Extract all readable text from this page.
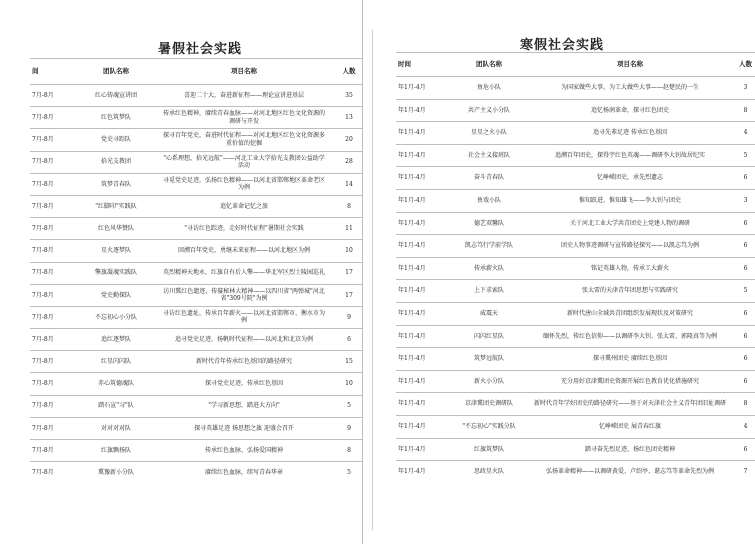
暑假社会实践
间	团队名称	项目名称	人数
7月-8月	红心铸魂宣讲团	喜迎二十大，奋进新征程——理论宣讲进基层	35
7月-8月	红色筑梦队	传承红色精神，赓续青春血脉——对河北地区红色文化资源的调研与开发	13
7月-8月	党史寻踪队	探寻百年党史，奋进时代征程——对河北地区红色文化资源多重价值的挖掘	20
7月-8月	拾光支教团	"心系理想，拾光远航"——河北工业大学拾光支教团公益助学活动	28
7月-8月	筑梦青春队	寻觅党史足迹，弘扬红色精神——以河北省邯郸地区革命老区为例	14
7月-8月	"红脚印"实践队	追忆革命记忆之旅	8
7月-8月	红色风华赞队	"寻访红色踪迹，走好时代征程"暑期社会实践	11
7月-8月	星火逐梦队	回溯百年党史，勇继未来征程——以河北地区为例	10
7月-8月	擎旗凝魂实践队	英烈精神天地永，红旗自有后人擎——华北军区烈士陵园巡礼	17
7月-8月	党史勤探队	访川冀红色遗迹，传璇秘林大精神——以四川省"两弹城"河北省"309号院"为例	17
7月-8月	不忘初心小分队	寻访红色遗址，传承百年薪火——以河北省邯郸市、衡水市为例	9
7月-8月	追红逐梦队	追寻党史足迹，扬帆时代征程——以河北和北京为例	6
7月-8月	红星闪闪队	新时代青年传承红色基因的路径研究	15
7月-8月	赤心筑德魂队	探寻党史足迹，传承红色基因	10
7月-8月	踏石宣"习"队	"学习新思想，踏进大方向"	5
7月-8月	对对对对队	探寻英雄足迹 扬思想之旗 迎盛会召开	9
7月-8月	红旗飘扬队	传承红色血脉，弘扬爱国精神	8
7月-8月	冀豫新小分队	赓续红色血脉，续写青春华章	5
寒假社会实践
时间	团队名称	项目名称	人数
年1月-4月	鱼危小队	为国家做些大事，为工大做些大事——赵楚民的一生	3
年1月-4月	共产主义小分队	追忆杨润革命，探寻红色团史	8
年1月-4月	星星之火小队	追寻先辈足迹 传承红色基因	4
年1月-4月	社会主义接班队	追溯百年团史，探得宇红色英魂——调研李大钊故居纪实	5
年1月-4月	奋斗青春队	忆峥嵘团史，承先烈遗志	6
年1月-4月	鱼戏小队	惟知跃进，惟知雄飞——李大钊与团史	3
年1月-4月	德艺双馨队	关于河北工业大学共青团史上党建人物的调研	6
年1月-4月	凯志笃行学前学队	团史人物事迹调研与宣传路径探究——以凯志笃为例	6
年1月-4月	传承薪火队	铭记英雄人物，传承工大薪火	6
年1月-4月	上下求索队	张太雷的天津青年团思想与实践研究	5
年1月-4月	威震天	新时代唐山全域共青团组织发展现状及对策研究	6
年1月-4月	闪闪红星队	缅怀先烈，传红色信仰——以调研李大钊、张太雷、郭隆真等为例	6
年1月-4月	筑梦远航队	探寻冀州团史 赓续红色基因	6
年1月-4月	新火小分队	充分用好京津冀团史资源开展红色教育优化措施研究	6
年1月-4月	京津冀团史调研队	新时代青年学好团史的路径研究——基于对天津社会主义青年团旧址调研	8
年1月-4月	"不忘初心"实践分队	忆峥嵘团史 展青春红旗	4
年1月-4月	红旗筑梦队	踏寻奋先烈足迹，扬红色团史精神	6
年1月-4月	思政星火队	弘扬革命精神——以调研黄爱、卢绍亭、谌志笃等革命先烈为例	7
